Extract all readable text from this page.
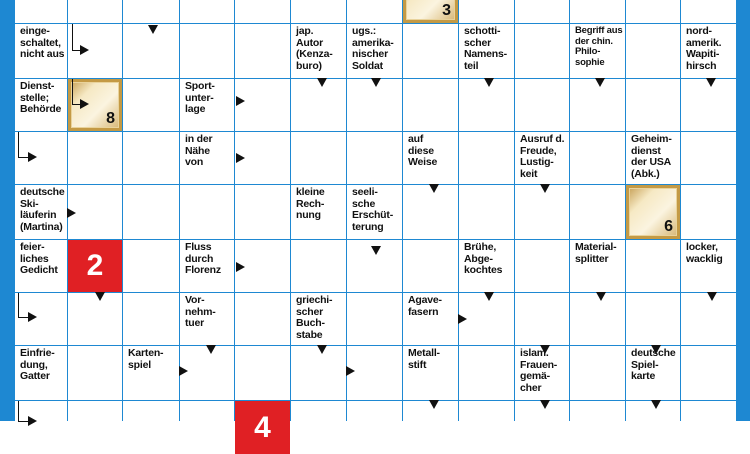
3
einge-
schaltet,
nicht aus
jap.
Autor
(Kenza-
buro)
ugs.:
amerika-
nischer
Soldat
schotti-
scher
Namens-
teil
Begriff aus
der chin.
Philo-
sophie
nord-
amerik.
Wapiti-
hirsch
Dienst-
stelle;
Behörde
8
Sport-
unter-
lage
in der
Nähe
von
auf
diese
Weise
Ausruf d.
Freude,
Lustig-
keit
Geheim-
dienst
der USA
(Abk.)
deutsche
Ski-
läuferin
(Martina)
kleine
Rech-
nung
seeli-
sche
Erschüt-
terung	6
feier-
liches
Gedicht 2
Fluss
durch
Florenz
Brühe,
Abge-
kochtes
Material-
splitter
locker,
wacklig
Vor-
nehm-
tuer
griechi-
scher
Buch-
stabe
Agave-
fasern
Einfrie-
dung,
Gatter
Karten-
spiel
Metall-
stift
islam.
Frauen-
gemä-
cher
deutsche
Spiel-
karte
4
